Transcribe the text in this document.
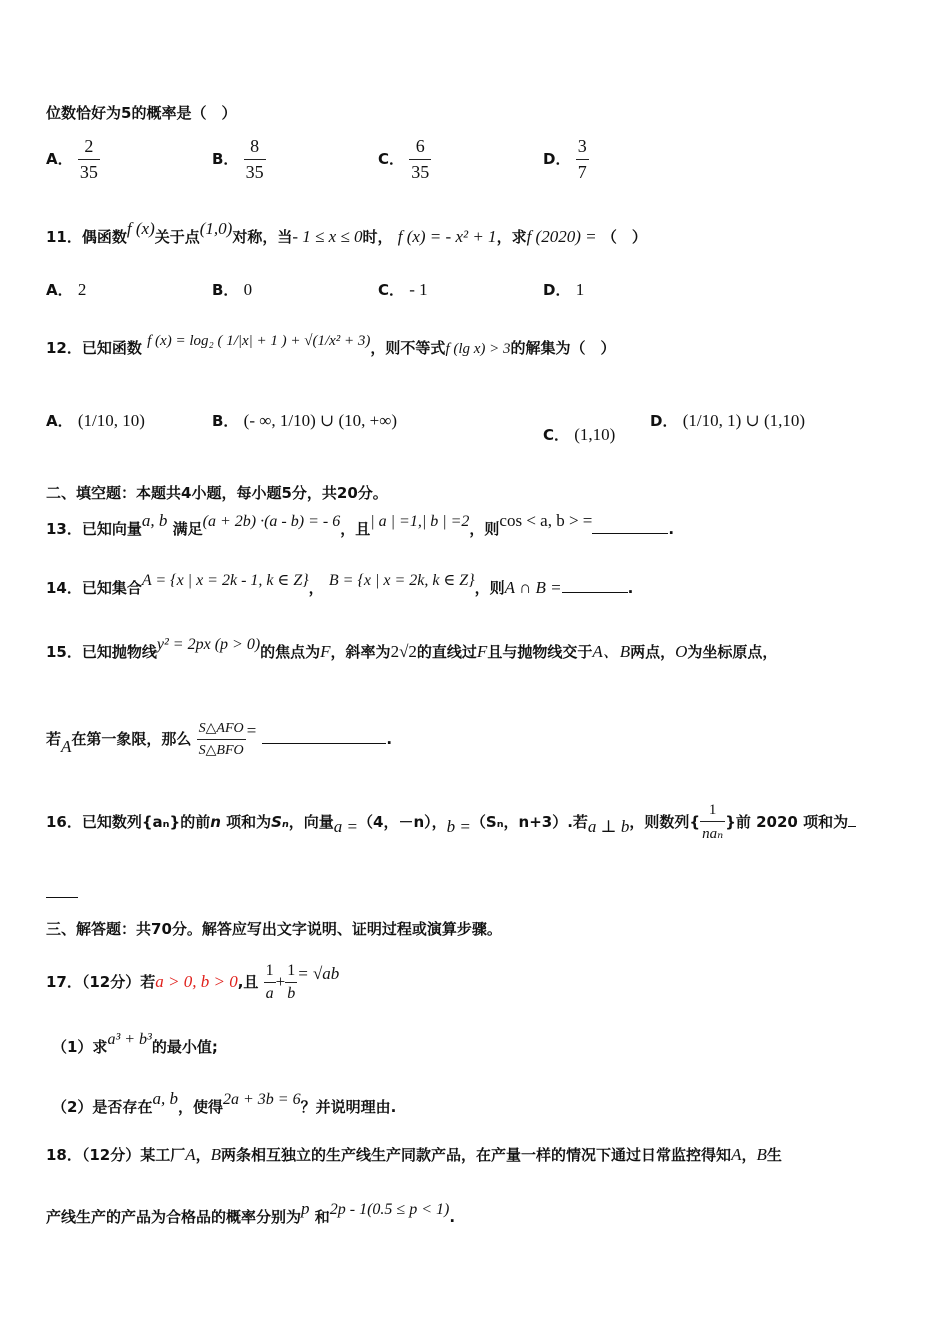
位数恰好为5的概率是（　）
A． $\frac{2}{35}$	B． $\frac{8}{35}$	C． $\frac{6}{35}$	D． $\frac{3}{7}$
11．偶函数f (x)关于点(1,0)对称，当- 1 ≤ x ≤ 0时， f (x) = - x² + 1，求f (2020) = （　）
A． 2	B． 0	C． - 1	D． 1
12．已知函数 f (x) = log₂ ( 1/|x| + 1 ) + √(1/x² + 3)，则不等式f (lg x) > 3的解集为（　）
A． (1/10, 10)	B． (- ∞, 1/10) ∪ (10, +∞)
C． (1,10)
D． (1/10, 1) ∪ (1,10)
二、填空题：本题共4小题，每小题5分，共20分。
13．已知向量a, b 满足(a + 2b) ·(a - b) = - 6，且| a | =1,| b | =2，则cos < a, b > =	.
14．已知集合A = {x | x = 2k - 1, k ∈ Z}， B = {x | x = 2k, k ∈ Z}，则A ∩ B =	.
15．已知抛物线y² = 2px (p > 0)的焦点为F，斜率为2√2的直线过F且与抛物线交于A、B两点，O为坐标原点，
若A在第一象限，那么 $\frac{\text{S△AFO}}{\text{S△BFO}}$ =	.
16．已知数列{aₙ}的前n 项和为Sₙ，向量a =（4，－n），b =（Sₙ，n+3）.若a ⊥ b，则数列{ $\frac{1}{\text{naₙ}}$ }前 2020 项和为
三、解答题：共70分。解答应写出文字说明、证明过程或演算步骤。
17．（12分）若a > 0, b > 0,且 $\frac{1}{a} + \frac{1}{b} = √ab$
（1）求a³ + b³的最小值;
（2）是否存在a, b，使得2a + 3b = 6？并说明理由.
18．（12分）某工厂A，B两条相互独立的生产线生产同款产品，在产量一样的情况下通过日常监控得知A，B生
产线生产的产品为合格品的概率分别为p 和2p - 1(0.5 ≤ p < 1).
